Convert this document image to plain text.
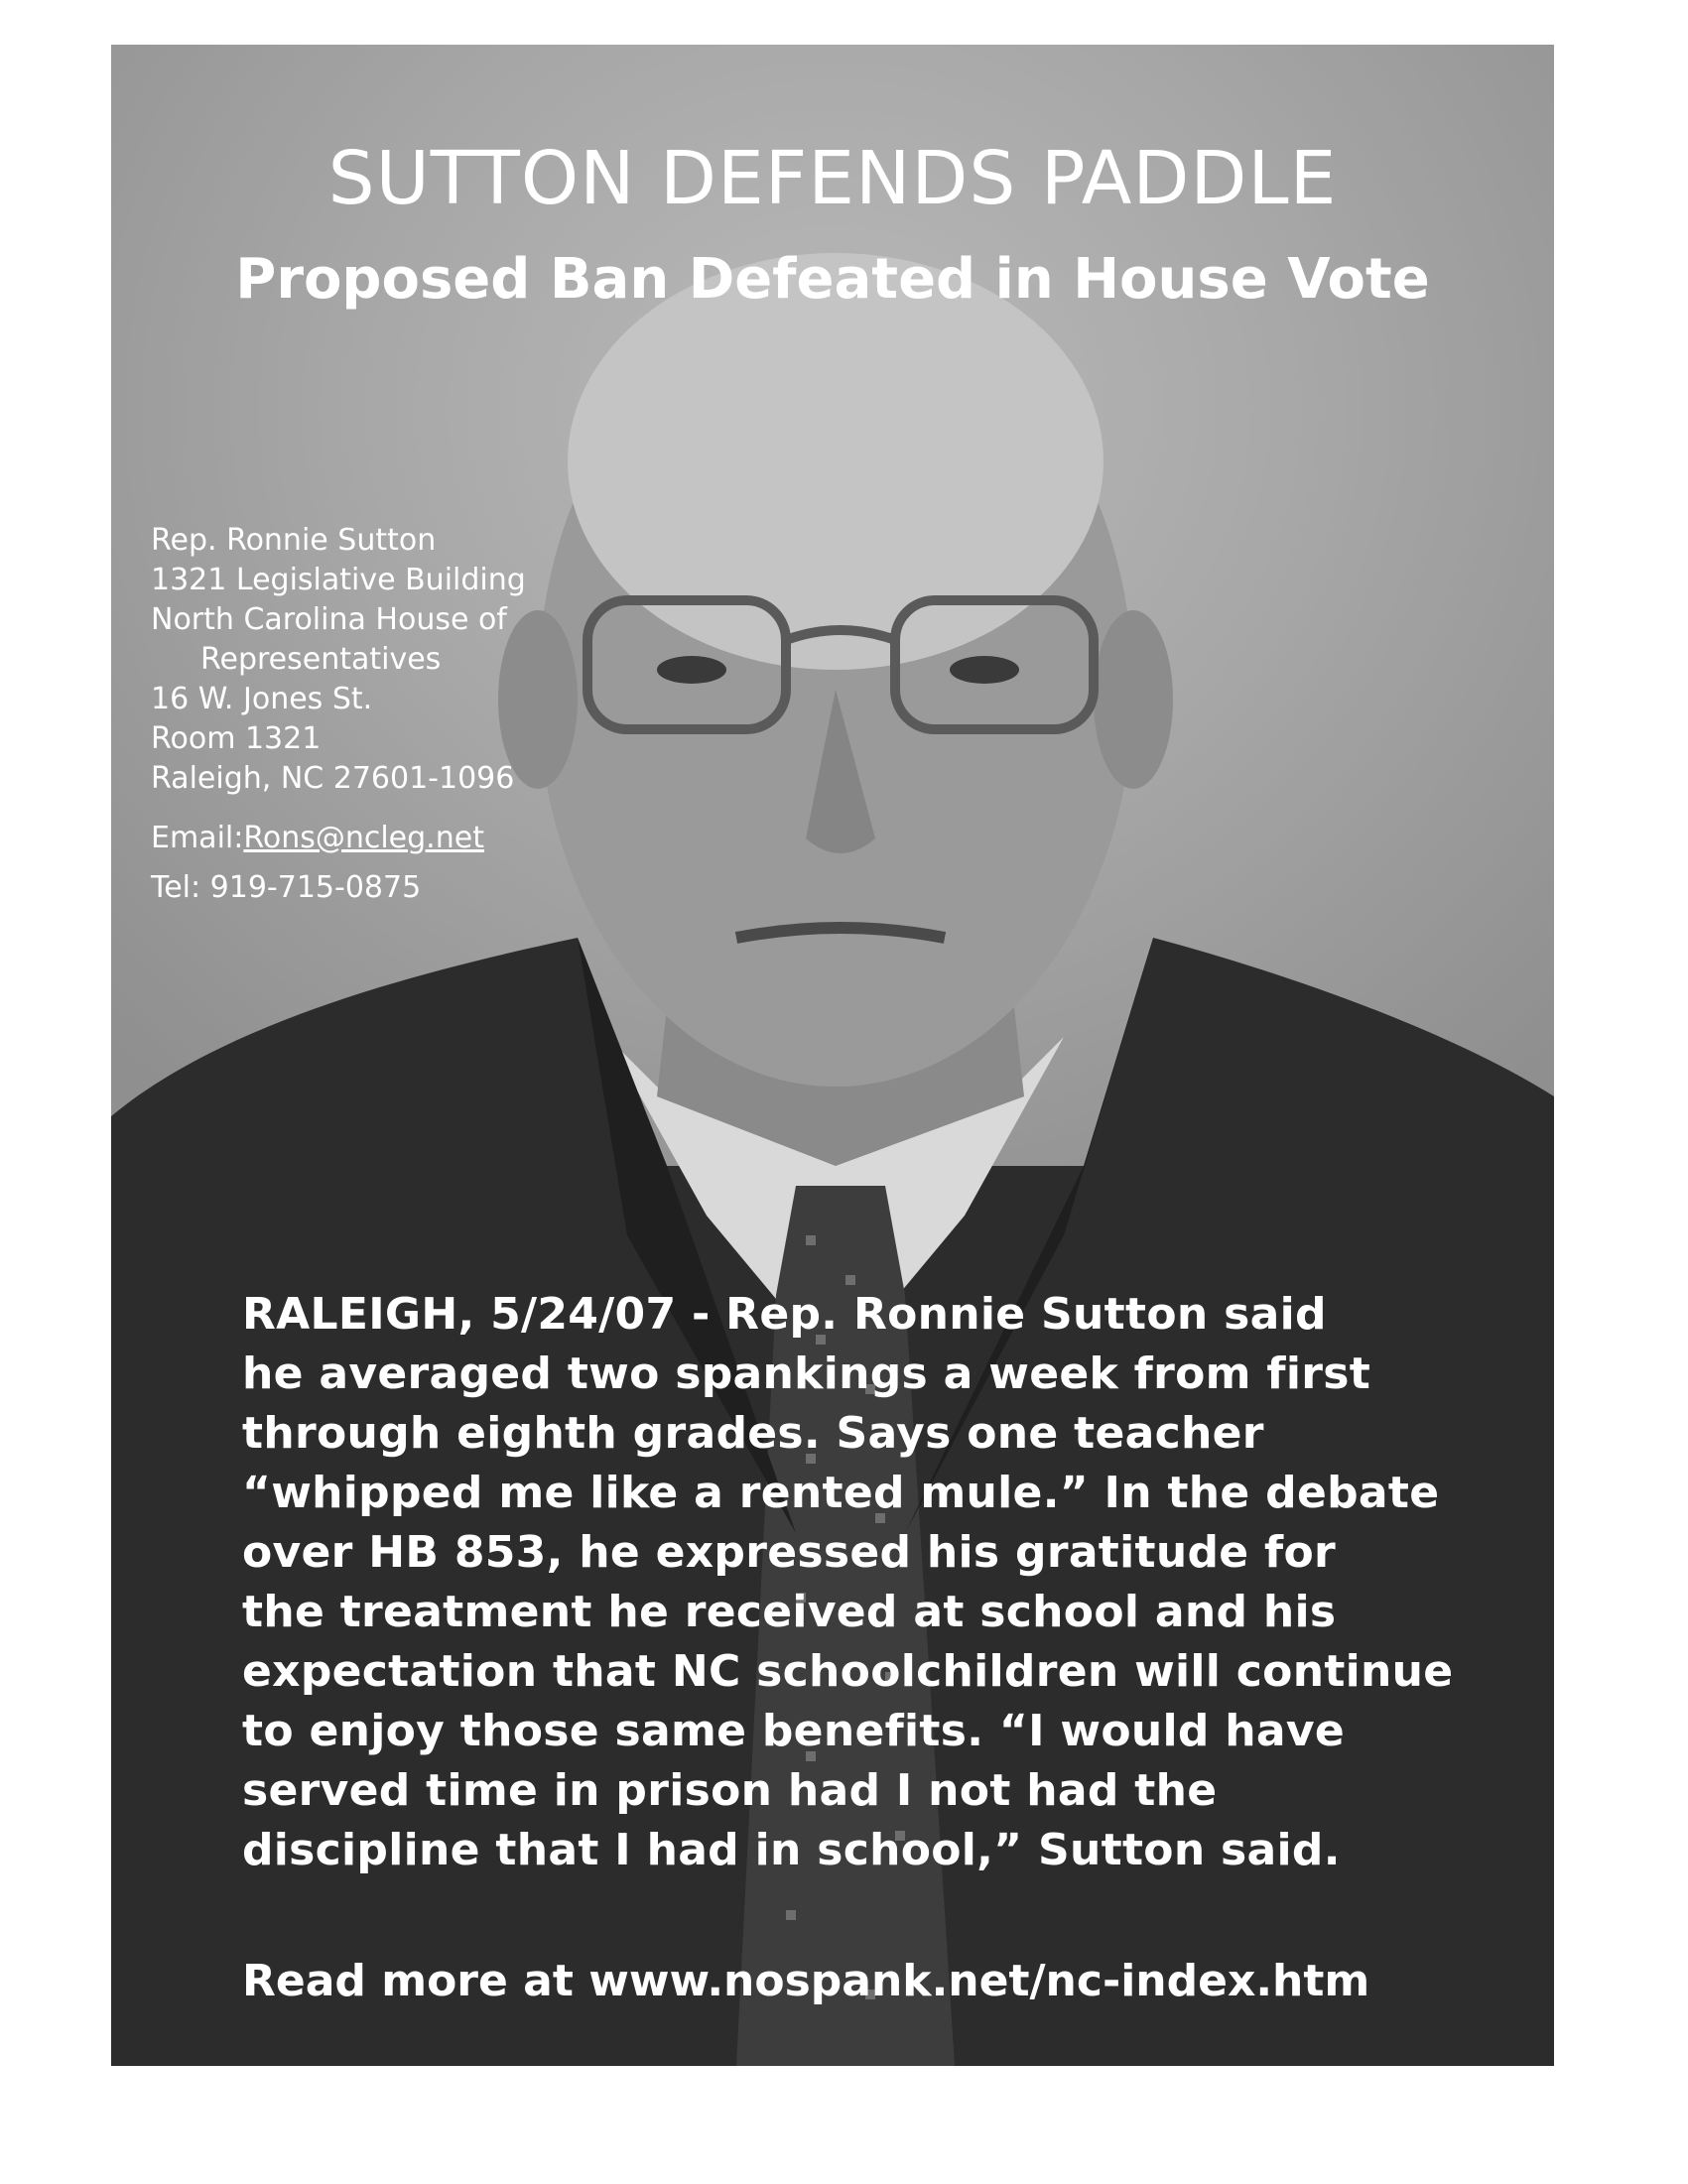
SUTTON DEFENDS PADDLE
Proposed Ban Defeated in House Vote
Rep. Ronnie Sutton
1321 Legislative Building
North Carolina House of
Representatives
16 W. Jones St.
Room 1321
Raleigh, NC 27601-1096
Email:Rons@ncleg.net
Tel: 919-715-0875

RALEIGH, 5/24/07 - Rep. Ronnie Sutton said
he averaged two spankings a week from first
through eighth grades. Says one teacher
“whipped me like a rented mule.” In the debate
over HB 853, he expressed his gratitude for
the treatment he received at school and his
expectation that NC schoolchildren will continue
to enjoy those same benefits. “I would have
served time in prison had I not had the
discipline that I had in school,” Sutton said.

Read more at www.nospank.net/nc-index.htm
